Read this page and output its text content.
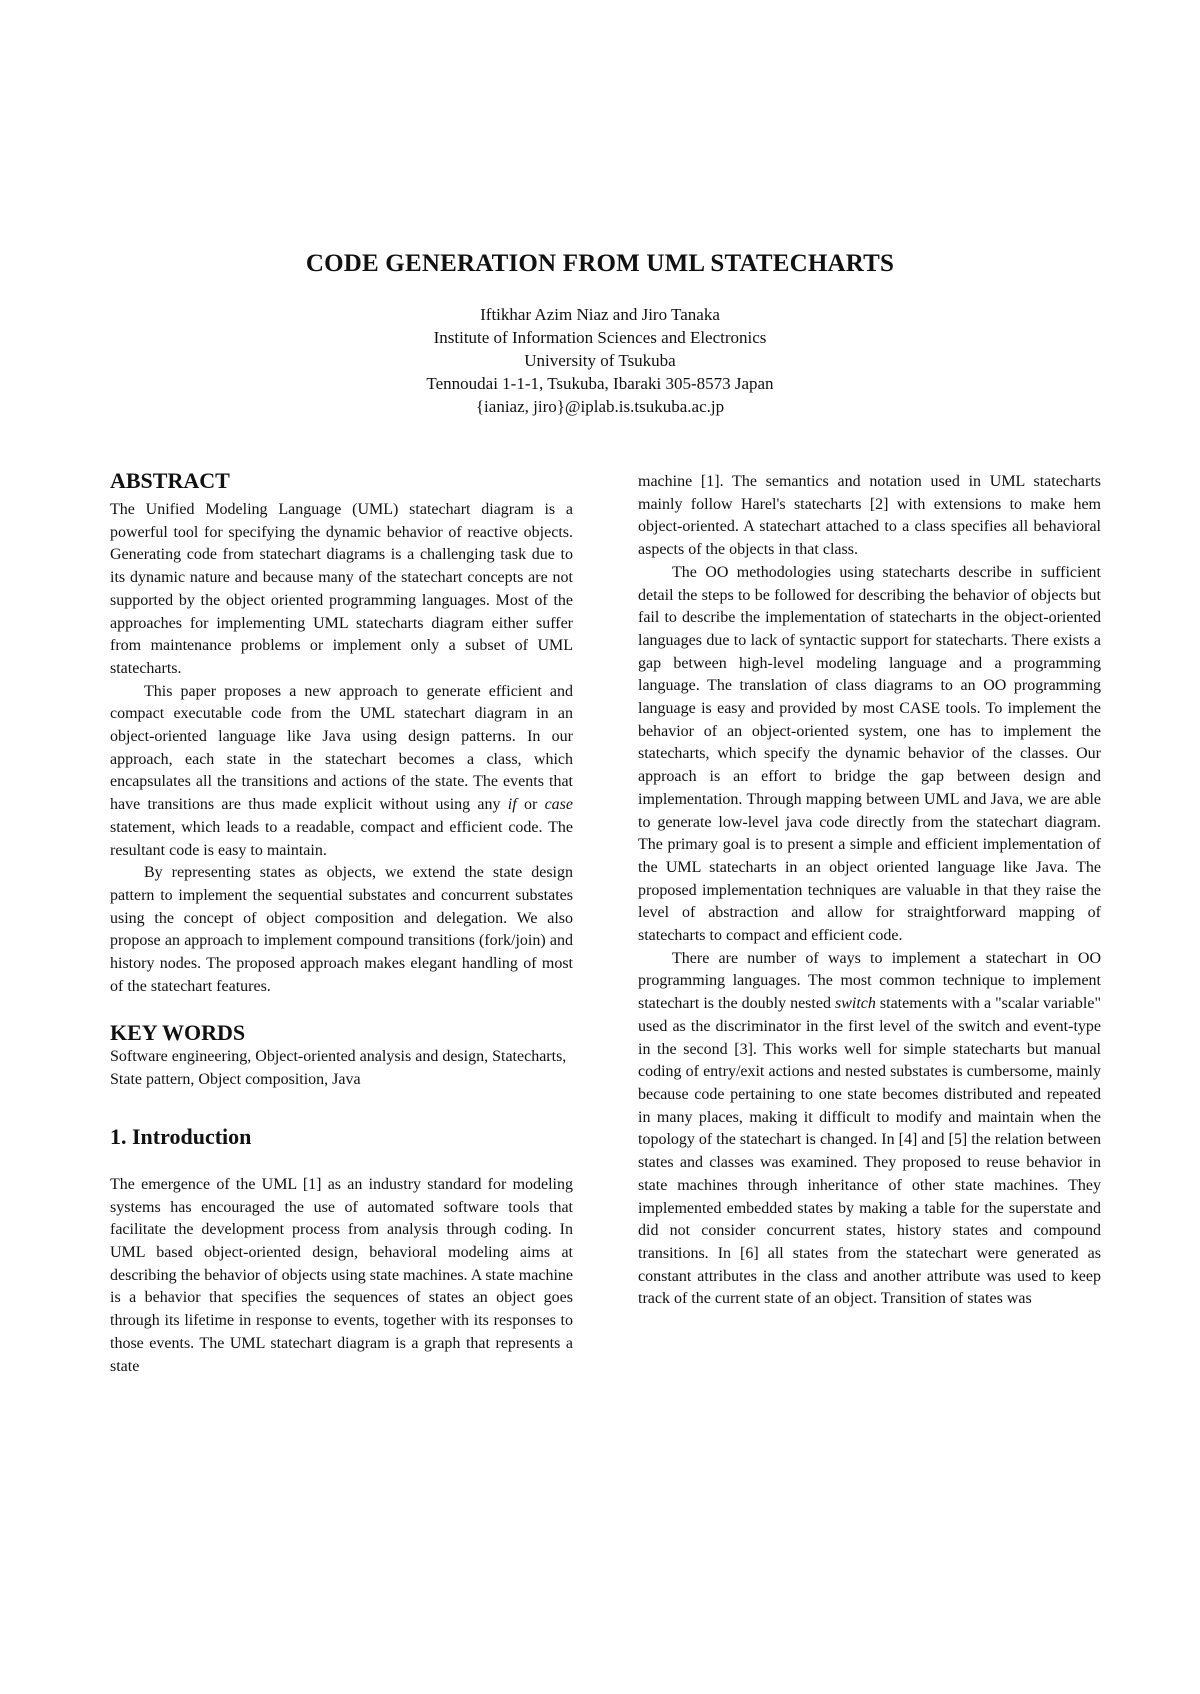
CODE GENERATION FROM UML STATECHARTS
Iftikhar Azim Niaz and Jiro Tanaka
Institute of Information Sciences and Electronics
University of Tsukuba
Tennoudai 1-1-1, Tsukuba, Ibaraki 305-8573 Japan
{ianiaz, jiro}@iplab.is.tsukuba.ac.jp
ABSTRACT

The Unified Modeling Language (UML) statechart diagram is a powerful tool for specifying the dynamic behavior of reactive objects. Generating code from statechart diagrams is a challenging task due to its dynamic nature and because many of the statechart concepts are not supported by the object oriented programming languages. Most of the approaches for implementing UML statecharts diagram either suffer from maintenance problems or implement only a subset of UML statecharts.

This paper proposes a new approach to generate efficient and compact executable code from the UML statechart diagram in an object-oriented language like Java using design patterns. In our approach, each state in the statechart becomes a class, which encapsulates all the transitions and actions of the state. The events that have transitions are thus made explicit without using any if or case statement, which leads to a readable, compact and efficient code. The resultant code is easy to maintain.

By representing states as objects, we extend the state design pattern to implement the sequential substates and concurrent substates using the concept of object composition and delegation. We also propose an approach to implement compound transitions (fork/join) and history nodes. The proposed approach makes elegant handling of most of the statechart features.

KEY WORDS

Software engineering, Object-oriented analysis and design, Statecharts, State pattern, Object composition, Java

1. Introduction

The emergence of the UML [1] as an industry standard for modeling systems has encouraged the use of automated software tools that facilitate the development process from analysis through coding. In UML based object-oriented design, behavioral modeling aims at describing the behavior of objects using state machines. A state machine is a behavior that specifies the sequences of states an object goes through its lifetime in response to events, together with its responses to those events. The UML statechart diagram is a graph that represents a state

machine [1]. The semantics and notation used in UML statecharts mainly follow Harel's statecharts [2] with extensions to make hem object-oriented. A statechart attached to a class specifies all behavioral aspects of the objects in that class.

The OO methodologies using statecharts describe in sufficient detail the steps to be followed for describing the behavior of objects but fail to describe the implementation of statecharts in the object-oriented languages due to lack of syntactic support for statecharts. There exists a gap between high-level modeling language and a programming language. The translation of class diagrams to an OO programming language is easy and provided by most CASE tools. To implement the behavior of an object-oriented system, one has to implement the statecharts, which specify the dynamic behavior of the classes. Our approach is an effort to bridge the gap between design and implementation. Through mapping between UML and Java, we are able to generate low-level java code directly from the statechart diagram. The primary goal is to present a simple and efficient implementation of the UML statecharts in an object oriented language like Java. The proposed implementation techniques are valuable in that they raise the level of abstraction and allow for straightforward mapping of statecharts to compact and efficient code.

There are number of ways to implement a statechart in OO programming languages. The most common technique to implement statechart is the doubly nested switch statements with a "scalar variable" used as the discriminator in the first level of the switch and event-type in the second [3]. This works well for simple statecharts but manual coding of entry/exit actions and nested substates is cumbersome, mainly because code pertaining to one state becomes distributed and repeated in many places, making it difficult to modify and maintain when the topology of the statechart is changed. In [4] and [5] the relation between states and classes was examined. They proposed to reuse behavior in state machines through inheritance of other state machines. They implemented embedded states by making a table for the superstate and did not consider concurrent states, history states and compound transitions. In [6] all states from the statechart were generated as constant attributes in the class and another attribute was used to keep track of the current state of an object. Transition of states was
